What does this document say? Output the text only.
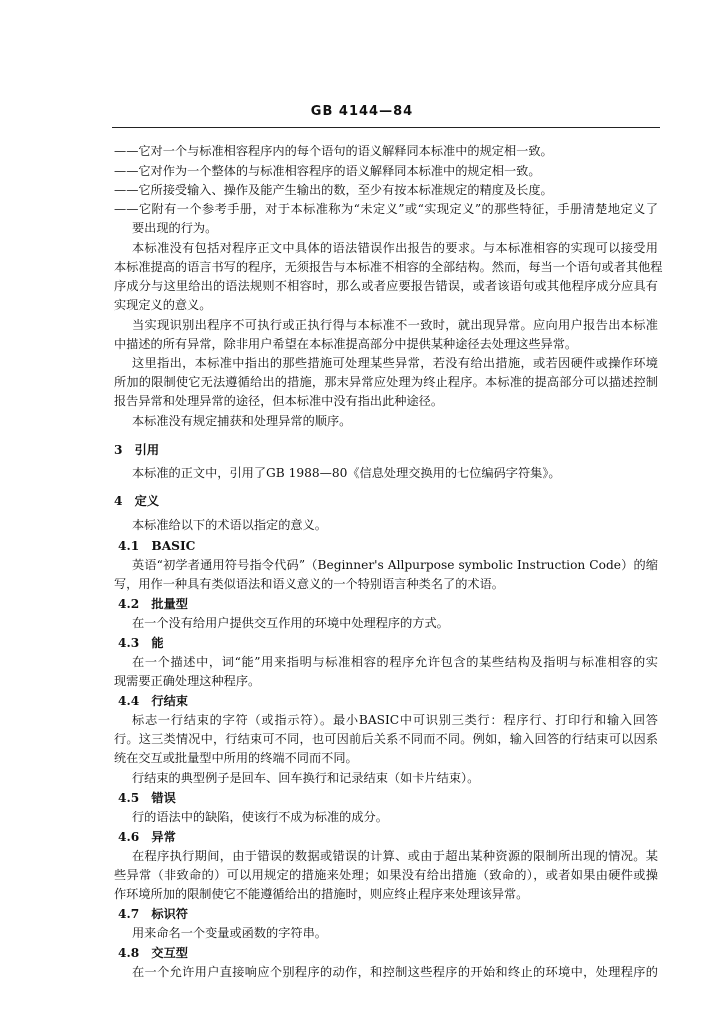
GB 4144—84
——它对一个与标准相容程序内的每个语句的语义解释同本标准中的规定相一致。
——它对作为一个整体的与标准相容程序的语义解释同本标准中的规定相一致。
——它所接受输入、操作及能产生输出的数，至少有按本标准规定的精度及长度。
——它附有一个参考手册，对于本标准称为“未定义”或“实现定义”的那些特征，手册清楚地定义了
要出现的行为。
本标准没有包括对程序正文中具体的语法错误作出报告的要求。与本标准相容的实现可以接受用
本标准提高的语言书写的程序，无须报告与本标准不相容的全部结构。然而，每当一个语句或者其他程
序成分与这里给出的语法规则不相容时，那么或者应要报告错误，或者该语句或其他程序成分应具有
实现定义的意义。
当实现识别出程序不可执行或正执行得与本标准不一致时，就出现异常。应向用户报告出本标准
中描述的所有异常，除非用户希望在本标准提高部分中提供某种途径去处理这些异常。
这里指出，本标准中指出的那些措施可处理某些异常，若没有给出措施，或若因硬件或操作环境
所加的限制使它无法遵循给出的措施，那末异常应处理为终止程序。本标准的提高部分可以描述控制
报告异常和处理异常的途径，但本标准中没有指出此种途径。
本标准没有规定捕获和处理异常的顺序。
3　引用
本标准的正文中，引用了GB 1988—80《信息处理交换用的七位编码字符集》。
4　定义
本标准给以下的术语以指定的意义。
4.1　BASIC
英语“初学者通用符号指令代码”（Beginner's Allpurpose symbolic Instruction Code）的缩
写，用作一种具有类似语法和语义意义的一个特别语言种类名了的术语。
4.2　批量型
在一个没有给用户提供交互作用的环境中处理程序的方式。
4.3　能
在一个描述中，词“能”用来指明与标准相容的程序允许包含的某些结构及指明与标准相容的实
现需要正确处理这种程序。
4.4　行结束
标志一行结束的字符（或指示符）。最小BASIC中可识别三类行：程序行、打印行和输入回答
行。这三类情况中，行结束可不同，也可因前后关系不同而不同。例如，输入回答的行结束可以因系
统在交互或批量型中所用的终端不同而不同。
行结束的典型例子是回车、回车换行和记录结束（如卡片结束）。
4.5　错误
行的语法中的缺陷，使该行不成为标准的成分。
4.6　异常
在程序执行期间，由于错误的数据或错误的计算、或由于超出某种资源的限制所出现的情况。某
些异常（非致命的）可以用规定的措施来处理；如果没有给出措施（致命的），或者如果由硬件或操
作环境所加的限制使它不能遵循给出的措施时，则应终止程序来处理该异常。
4.7　标识符
用来命名一个变量或函数的字符串。
4.8　交互型
在一个允许用户直接响应个别程序的动作，和控制这些程序的开始和终止的环境中，处理程序的
